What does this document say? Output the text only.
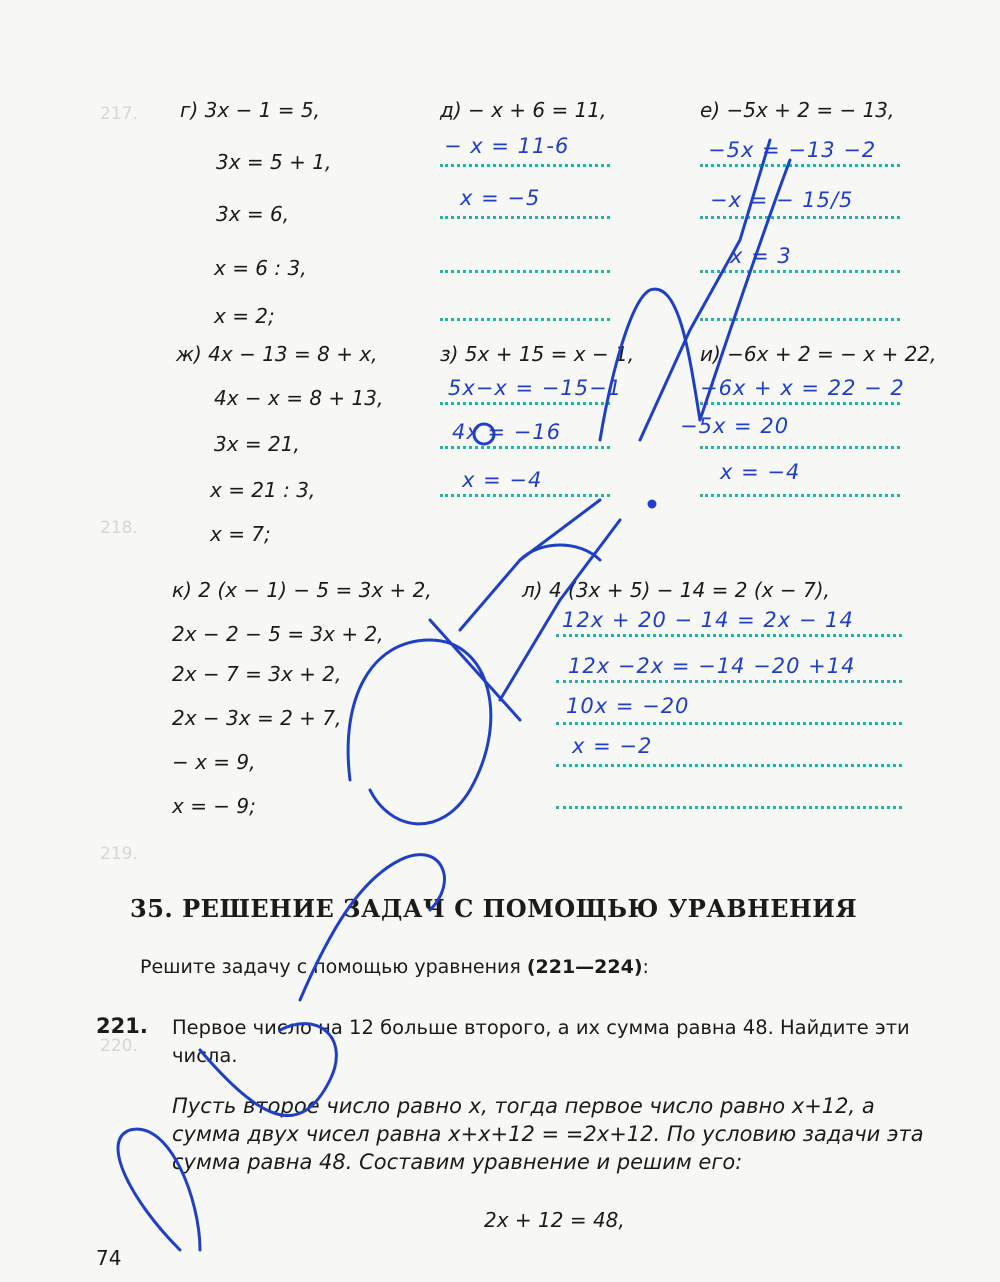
217.
218.
219.
220.
г) 3x − 1 = 5,
3x = 5 + 1,
3x = 6,
x = 6 : 3,
x = 2;
д) − x + 6 = 11,
− x = 11-6
x = −5
е) −5x + 2 = − 13,
−5x = −13 −2
−x = − 15/5
x = 3
ж) 4x − 13 = 8 + x,
4x − x = 8 + 13,
3x = 21,
x = 21 : 3,
x = 7;
з) 5x + 15 = x − 1,
5x−x = −15−1
4x = −16
x = −4
и) −6x + 2 = − x + 22,
−6x + x = 22 − 2
−5x = 20
x = −4
к) 2 (x − 1) − 5 = 3x + 2,
2x − 2 − 5 = 3x + 2,
2x − 7 = 3x + 2,
2x − 3x = 2 + 7,
− x = 9,
x = − 9;
л) 4 (3x + 5) − 14 = 2 (x − 7),
12x + 20 − 14 = 2x − 14
12x −2x = −14 −20 +14
10x = −20
x = −2
35. РЕШЕНИЕ ЗАДАЧ С ПОМОЩЬЮ УРАВНЕНИЯ
Решите задачу с помощью уравнения (221—224):
221. Первое число на 12 больше второго, а их сумма равна 48. Найдите эти числа.
Пусть второе число равно x, тогда первое число равно x+12, а сумма двух чисел равна x+x+12 = =2x+12. По условию задачи эта сумма равна 48. Составим уравнение и решим его:
2x + 12 = 48,
74
